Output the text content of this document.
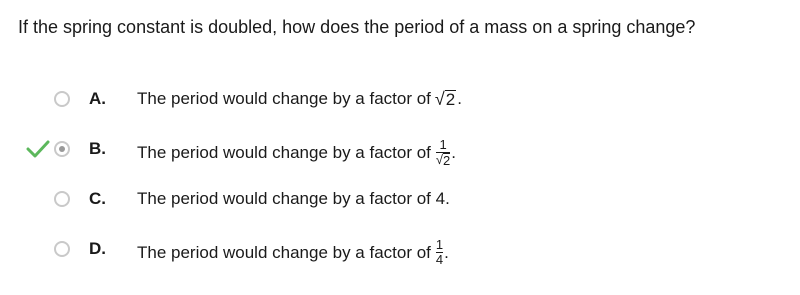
If the spring constant is doubled, how does the period of a mass on a spring change?
A. The period would change by a factor of √ 2 .
B. The period would change by a factor of $\frac{1}{√ 2}$ .
C. The period would change by a factor of 4.
D. The period would change by a factor of $\frac{1}{4}$ .
